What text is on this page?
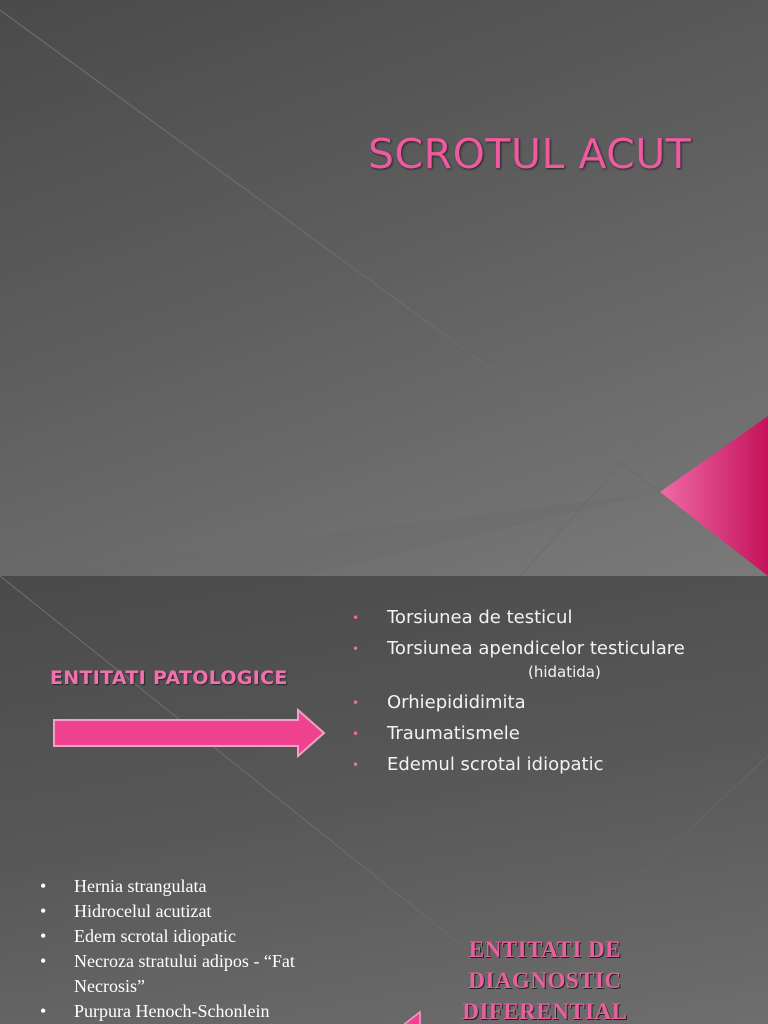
SCROTUL ACUT
ENTITATI PATOLOGICE
• Torsiunea de testicul
• Torsiunea apendicelor testiculare
(hidatida)
• Orhiepididimita
• Traumatismele
• Edemul scrotal idiopatic
• Hernia strangulata
• Hidrocelul acutizat
• Edem scrotal idiopatic
• Necroza stratului adipos - “Fat
Necrosis”
• Purpura Henoch-Schonlein
ENTITATI DE
DIAGNOSTIC
DIFERENTIAL
